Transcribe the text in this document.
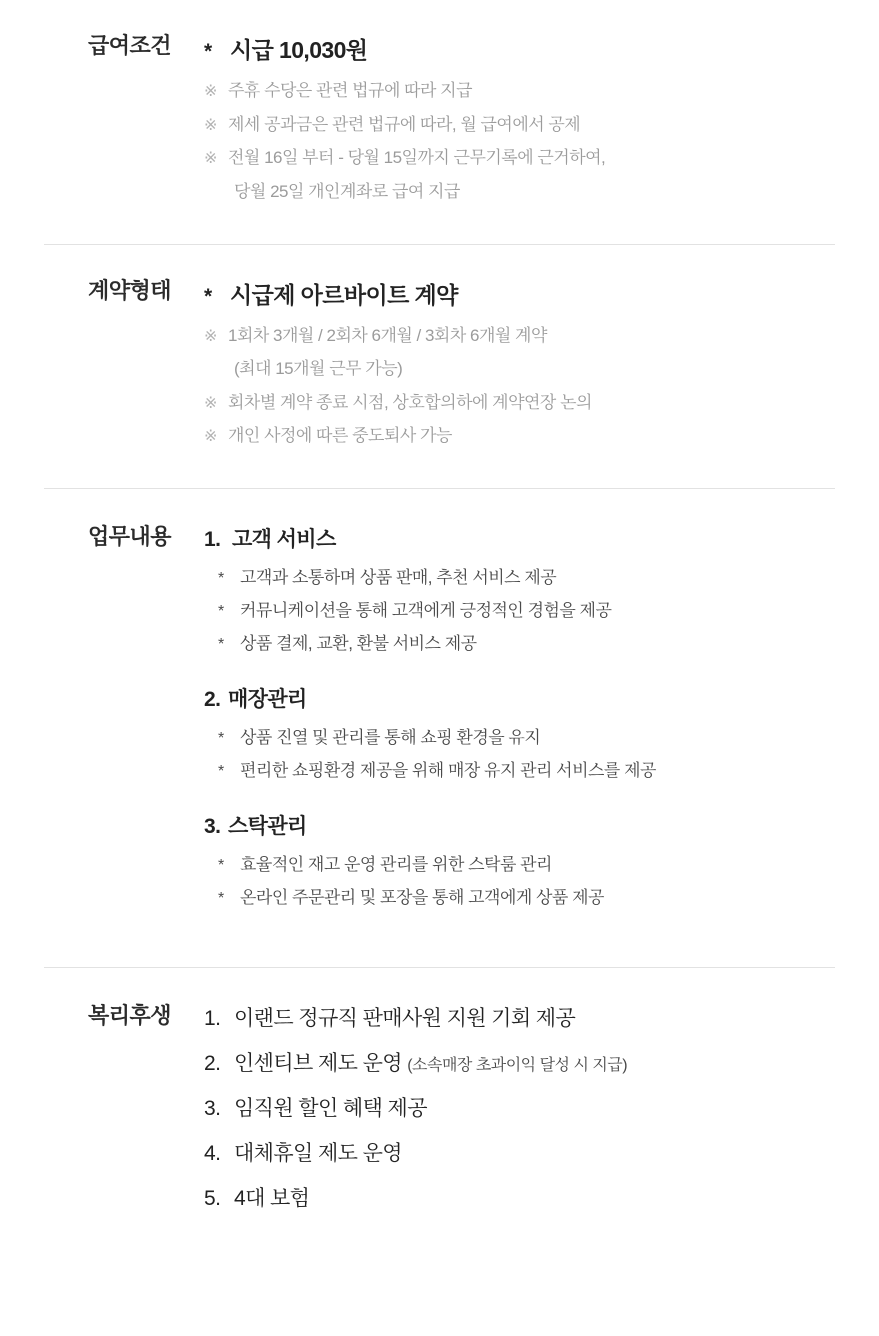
급여조건	* 시급 10,030원
※ 주휴 수당은 관련 법규에 따라 지급
※ 제세 공과금은 관련 법규에 따라, 월 급여에서 공제
※ 전월 16일 부터 - 당월 15일까지 근무기록에 근거하여,
당월 25일 개인계좌로 급여 지급
계약형태	* 시급제 아르바이트 계약
※ 1회차 3개월 / 2회차 6개월 / 3회차 6개월 계약
(최대 15개월 근무 가능)
※ 회차별 계약 종료 시점, 상호합의하에 계약연장 논의
※ 개인 사정에 따른 중도퇴사 가능
업무내용	1. 고객 서비스
* 고객과 소통하며 상품 판매, 추천 서비스 제공
* 커뮤니케이션을 통해 고객에게 긍정적인 경험을 제공
* 상품 결제, 교환, 환불 서비스 제공
2. 매장관리
* 상품 진열 및 관리를 통해 쇼핑 환경을 유지
* 편리한 쇼핑환경 제공을 위해 매장 유지 관리 서비스를 제공
3. 스탁관리
* 효율적인 재고 운영 관리를 위한 스탁룸 관리
* 온라인 주문관리 및 포장을 통해 고객에게 상품 제공
복리후생	1. 이랜드 정규직 판매사원 지원 기회 제공
2. 인센티브 제도 운영 (소속매장 초과이익 달성 시 지급)
3. 임직원 할인 혜택 제공
4. 대체휴일 제도 운영
5. 4대 보험
